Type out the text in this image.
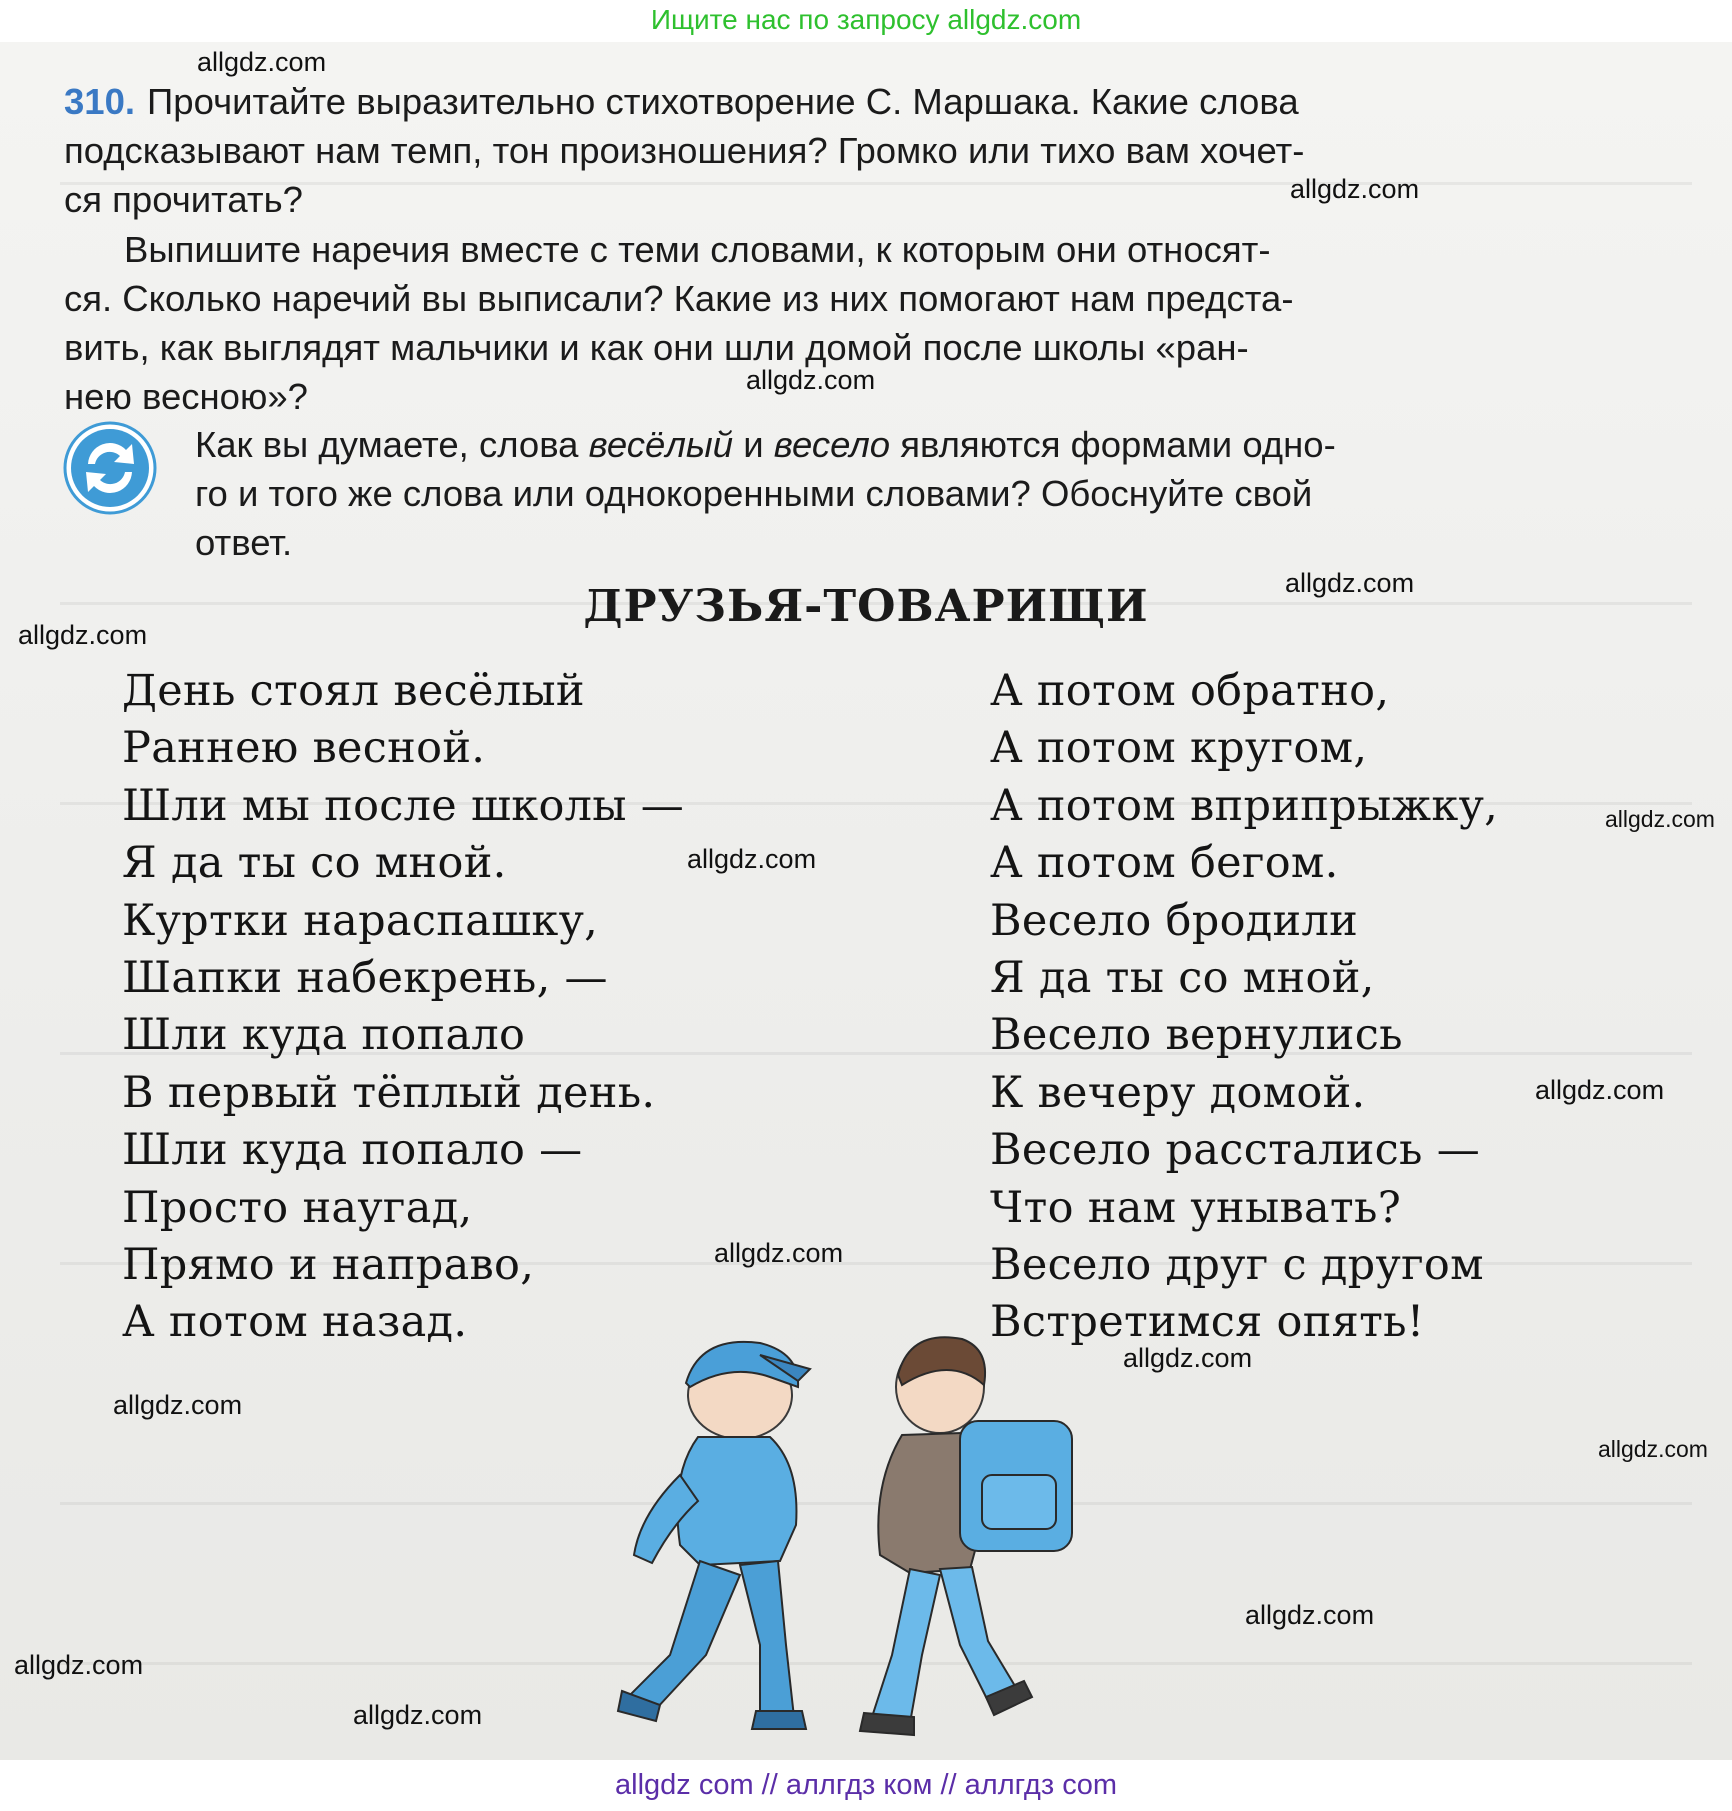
Ищите нас по запросу allgdz.com
310. Прочитайте выразительно стихотворение С. Маршака. Какие слова
подсказывают нам темп, тон произношения? Громко или тихо вам хочет-
ся прочитать?
Выпишите наречия вместе с теми словами, к которым они относят-
ся. Сколько наречий вы выписали? Какие из них помогают нам предста-
вить, как выглядят мальчики и как они шли домой после школы «ран-
нею весною»?
Как вы думаете, слова весёлый и весело являются формами одно-
го и того же слова или однокоренными словами? Обоснуйте свой
ответ.
ДРУЗЬЯ-ТОВАРИЩИ
День стоял весёлый
Раннею весной.
Шли мы после школы —
Я да ты со мной.
Куртки нараспашку,
Шапки набекрень, —
Шли куда попало
В первый тёплый день.
Шли куда попало —
Просто наугад,
Прямо и направо,
А потом назад.
А потом обратно,
А потом кругом,
А потом вприпрыжку,
А потом бегом.
Весело бродили
Я да ты со мной,
Весело вернулись
К вечеру домой.
Весело расстались —
Что нам унывать?
Весело друг с другом
Встретимся опять!
allgdz.com
allgdz.com
allgdz.com
allgdz.com
allgdz.com
allgdz.com
allgdz.com
allgdz.com
allgdz.com
allgdz.com
allgdz.com
allgdz.com
allgdz.com
allgdz.com
allgdz.com
allgdz com // аллгдз ком // аллгдз com
